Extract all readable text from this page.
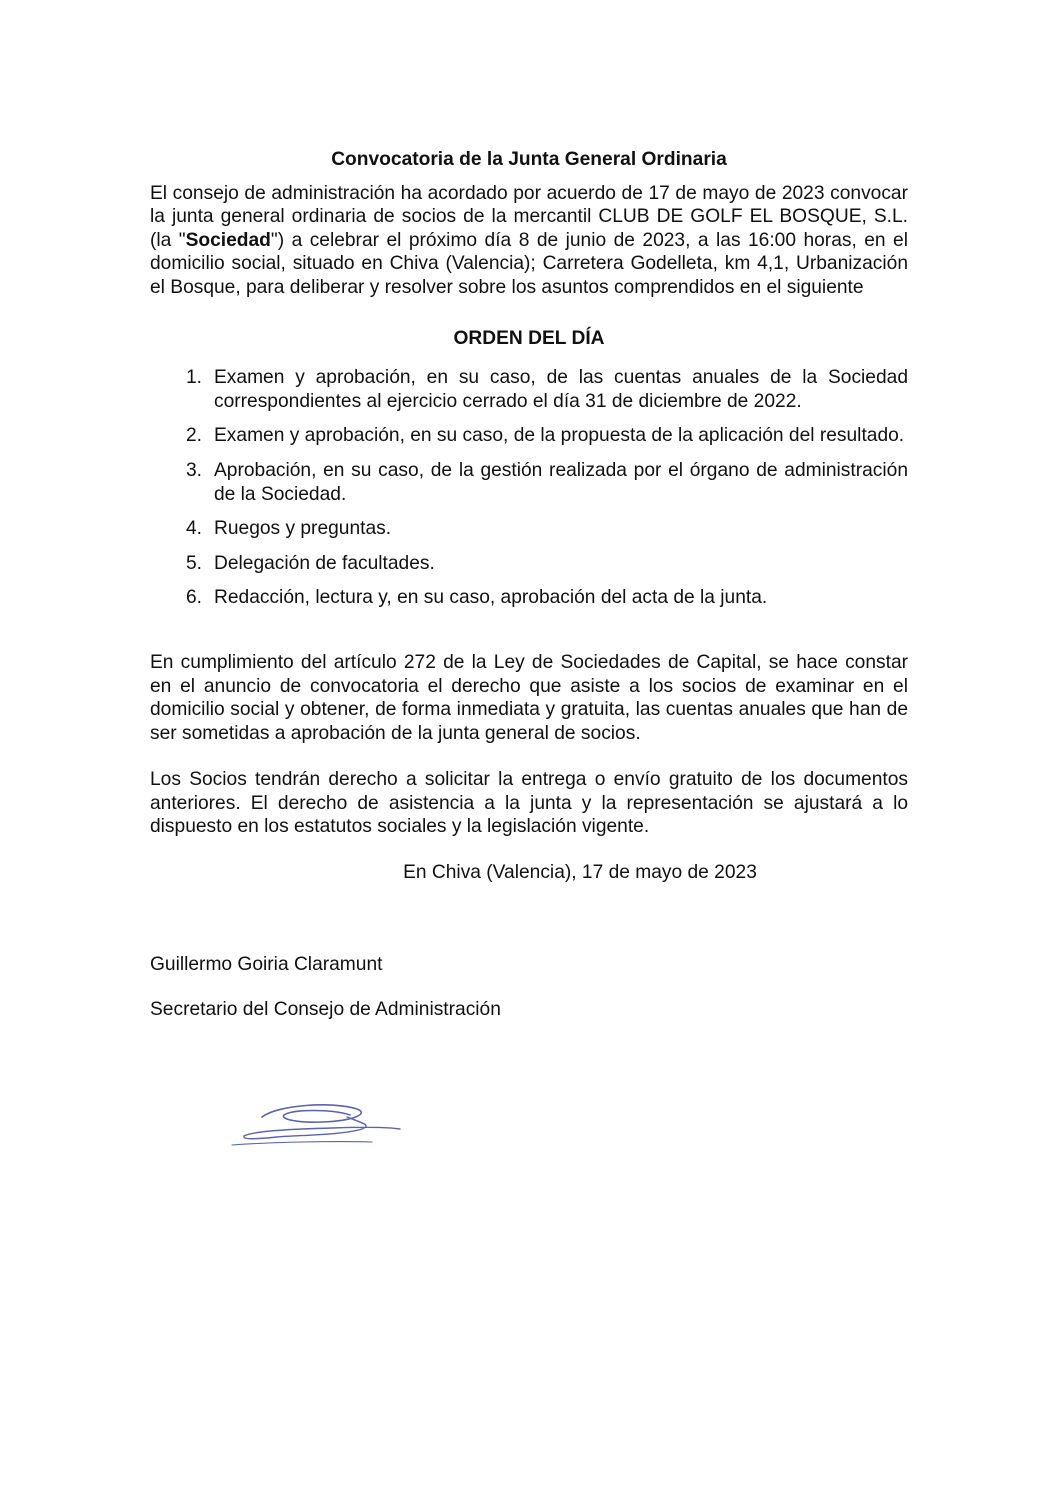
Convocatoria de la Junta General Ordinaria

El consejo de administración ha acordado por acuerdo de 17 de mayo de 2023 convocar la junta general ordinaria de socios de la mercantil CLUB DE GOLF EL BOSQUE, S.L. (la "Sociedad") a celebrar el próximo día 8 de junio de 2023, a las 16:00 horas, en el domicilio social, situado en Chiva (Valencia); Carretera Godelleta, km 4,1, Urbanización el Bosque, para deliberar y resolver sobre los asuntos comprendidos en el siguiente

ORDEN DEL DÍA

1. Examen y aprobación, en su caso, de las cuentas anuales de la Sociedad correspondientes al ejercicio cerrado el día 31 de diciembre de 2022.
2. Examen y aprobación, en su caso, de la propuesta de la aplicación del resultado.
3. Aprobación, en su caso, de la gestión realizada por el órgano de administración de la Sociedad.
4. Ruegos y preguntas.
5. Delegación de facultades.
6. Redacción, lectura y, en su caso, aprobación del acta de la junta.

En cumplimiento del artículo 272 de la Ley de Sociedades de Capital, se hace constar en el anuncio de convocatoria el derecho que asiste a los socios de examinar en el domicilio social y obtener, de forma inmediata y gratuita, las cuentas anuales que han de ser sometidas a aprobación de la junta general de socios.

Los Socios tendrán derecho a solicitar la entrega o envío gratuito de los documentos anteriores. El derecho de asistencia a la junta y la representación se ajustará a lo dispuesto en los estatutos sociales y la legislación vigente.

En Chiva (Valencia), 17 de mayo de 2023

Guillermo Goiria Claramunt

Secretario del Consejo de Administración
